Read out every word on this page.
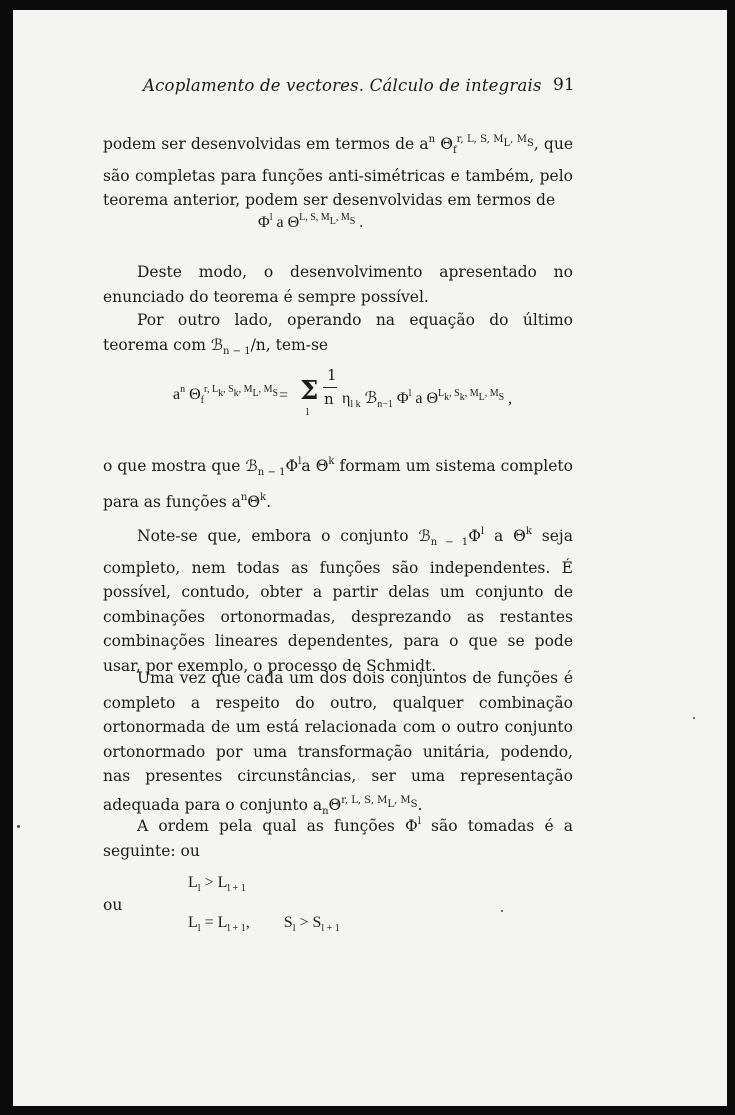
Acoplamento de vectores. Cálculo de integrais 91
podem ser desenvolvidas em termos de $a^n$ $\Theta_f^{r, L, S, ML, MS}$, que são completas para funções anti-simétricas e também, pelo teorema anterior, podem ser desenvolvidas em termos de
$\Phi^l$ a $\Theta^{L, S, ML, MS}$ .
Deste modo, o desenvolvimento apresentado no enunciado do teorema é sempre possível.
Por outro lado, operando na equação do último teorema com ℬ$_{n - 1}$/n, tem-se
$a^n$ $\Theta_f^{r, Lk, Sk, ML, MS} = \Sigma$
l
1
n $\eta_{l k}$ ℬ$_{n-1}$ $\Phi^l$ a $\Theta^{Lk, Sk, ML, MS}$ ,
o que mostra que $ℬ_{n - 1}\Phi^la$ $\Theta^k$ formam um sistema completo para as funções $a^n\Theta^k$.
Note-se que, embora o conjunto $ℬ_{n - 1}\Phi^l$ a $\Theta^k$ seja completo, nem todas as funções são independentes. É possível, contudo, obter a partir delas um conjunto de combinações ortonormadas, desprezando as restantes combinações lineares dependentes, para o que se pode usar, por exemplo, o processo de Schmidt.
Uma vez que cada um dos dois conjuntos de funções é completo a respeito do outro, qualquer combinação ortonormada de um está relacionada com o outro conjunto ortonormado por uma transformação unitária, podendo, nas presentes circunstâncias, ser uma representação adequada para o conjunto $a_n\Theta^{r, L, S, ML, MS}$.
A ordem pela qual as funções $\Phi^l$ são tomadas é a seguinte: ou
$L_l > L_{l + 1}$
ou
$L_l = L_{l + 1}$, $S_l > S_{l + 1}$
